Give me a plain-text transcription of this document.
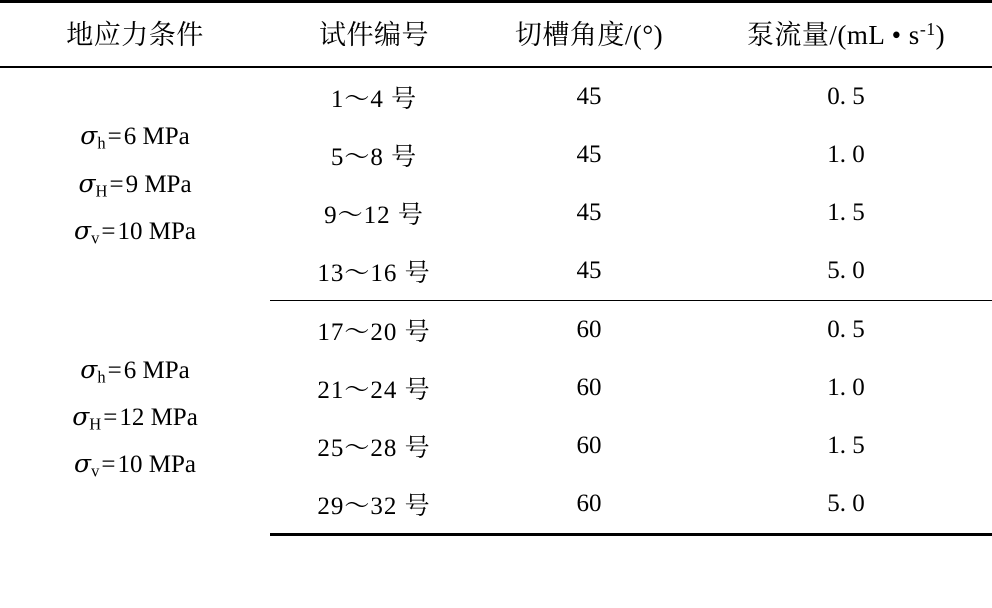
地应力条件	试件编号	切槽角度/(°)	泵流量/(mL • $s^{-1}$)

$\sigma_h=6$ MPa
$\sigma_H=9$ MPa
$\sigma_v=10$ MPa	1～4 号	45	0. 5
	5～8 号	45	1. 0
	9～12 号	45	1. 5
	13～16 号	45	5. 0

$\sigma_h=6$ MPa
$\sigma_H=12$ MPa
$\sigma_v=10$ MPa	17～20 号	60	0. 5
	21～24 号	60	1. 0
	25～28 号	60	1. 5
	29～32 号	60	5. 0
